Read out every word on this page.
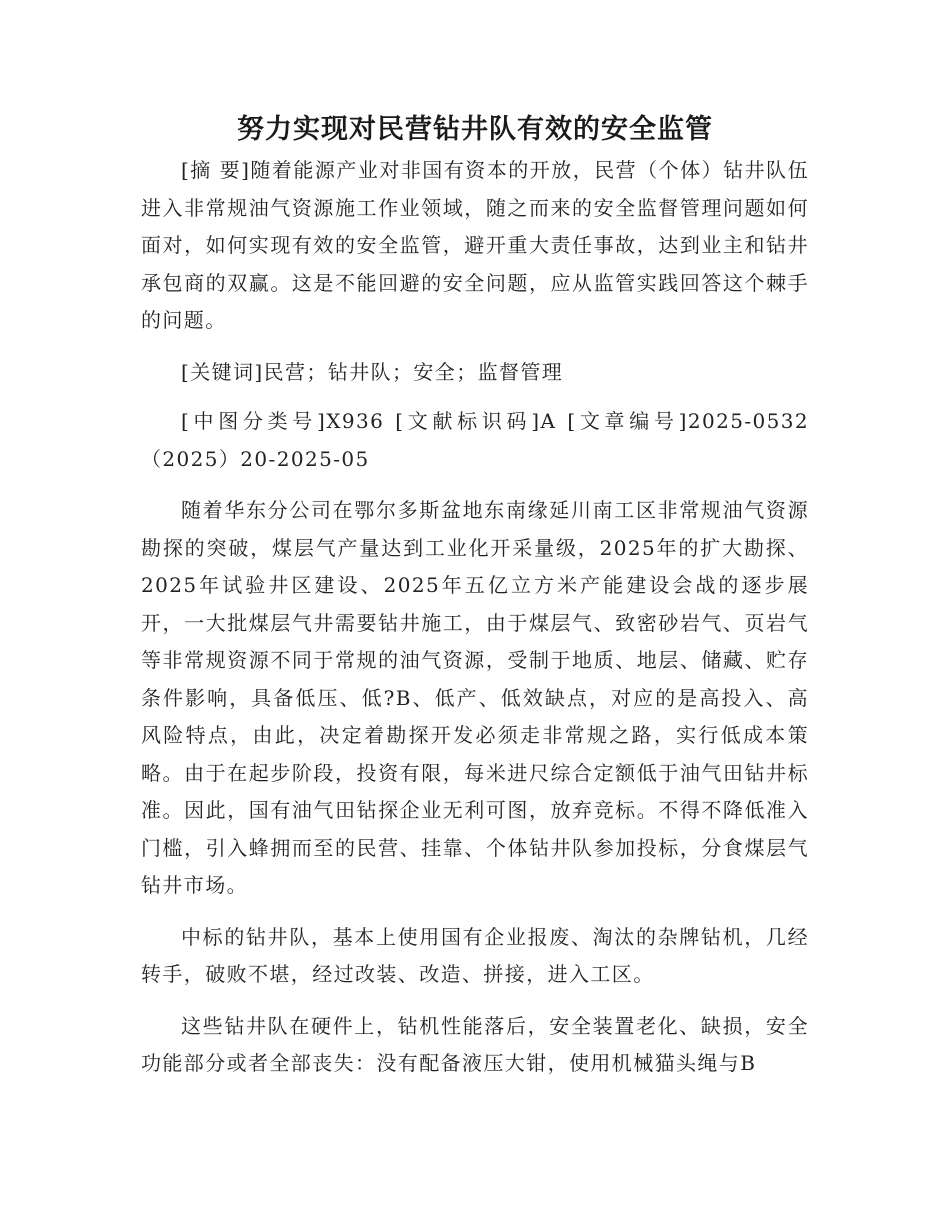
努力实现对民营钻井队有效的安全监管

[摘 要]随着能源产业对非国有资本的开放，民营（个体）钻井队伍进入非常规油气资源施工作业领域，随之而来的安全监督管理问题如何面对，如何实现有效的安全监管，避开重大责任事故，达到业主和钻井承包商的双赢。这是不能回避的安全问题，应从监管实践回答这个棘手的问题。

[关键词]民营；钻井队；安全；监督管理

[中图分类号]X936 [文献标识码]A [文章编号]2025-0532（2025）20-2025-05

随着华东分公司在鄂尔多斯盆地东南缘延川南工区非常规油气资源勘探的突破，煤层气产量达到工业化开采量级，2025年的扩大勘探、2025年试验井区建设、2025年五亿立方米产能建设会战的逐步展开，一大批煤层气井需要钻井施工，由于煤层气、致密砂岩气、页岩气等非常规资源不同于常规的油气资源，受制于地质、地层、储藏、贮存条件影响，具备低压、低?B、低产、低效缺点，对应的是高投入、高风险特点，由此，决定着勘探开发必须走非常规之路，实行低成本策略。由于在起步阶段，投资有限，每米进尺综合定额低于油气田钻井标准。因此，国有油气田钻探企业无利可图，放弃竞标。不得不降低准入门槛，引入蜂拥而至的民营、挂靠、个体钻井队参加投标，分食煤层气钻井市场。

中标的钻井队，基本上使用国有企业报废、淘汰的杂牌钻机，几经转手，破败不堪，经过改装、改造、拼接，进入工区。

这些钻井队在硬件上，钻机性能落后，安全装置老化、缺损，安全功能部分或者全部丧失：没有配备液压大钳，使用机械猫头绳与B
